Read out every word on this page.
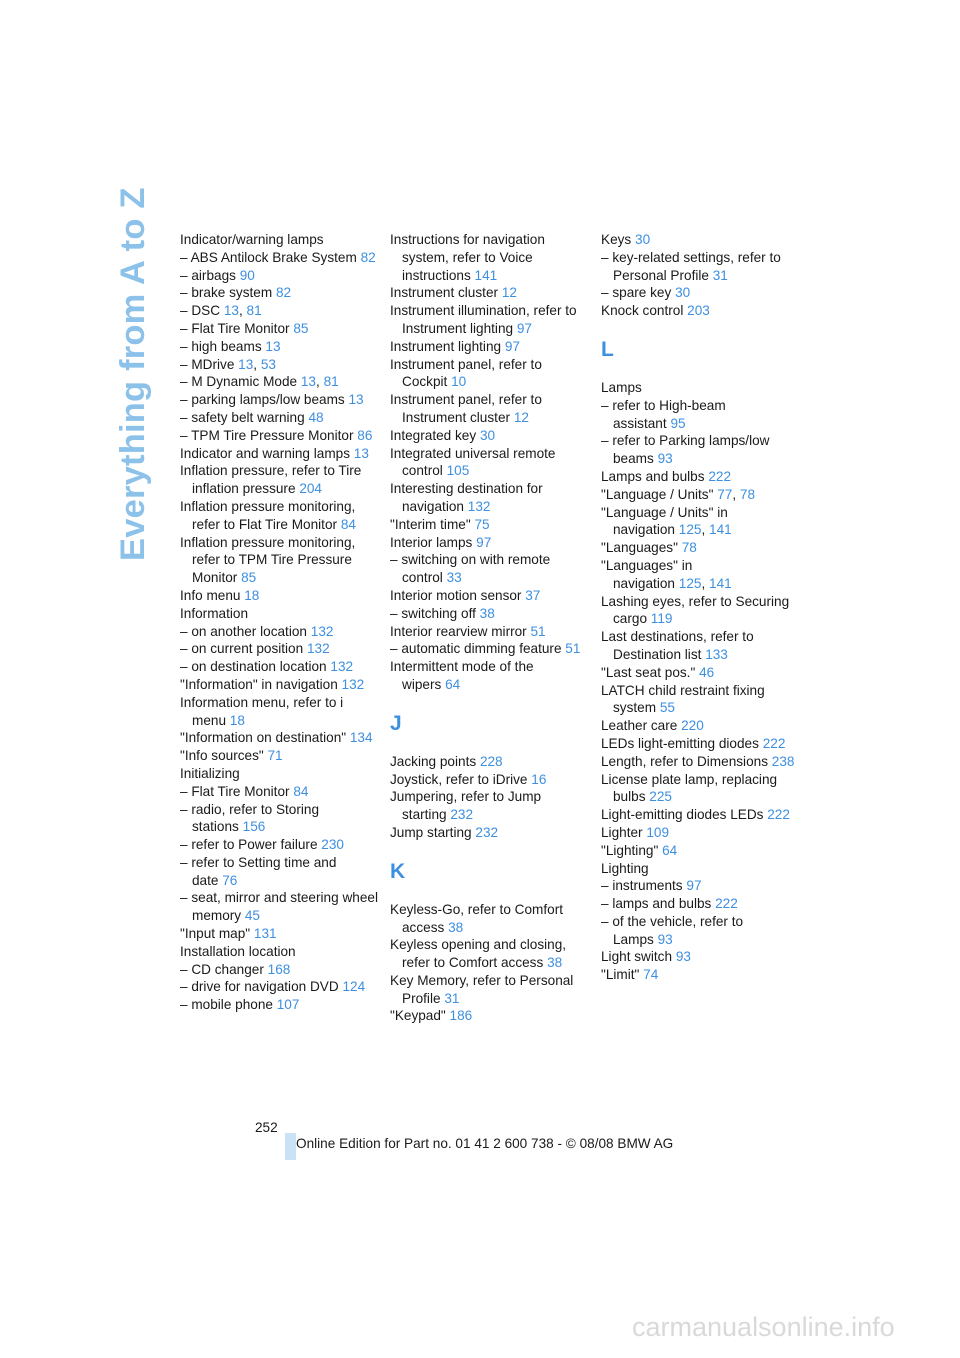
Everything from A to Z Indicator/warning lamps
– ABS Antilock Brake System 82
– airbags 90
– brake system 82
– DSC 13, 81
– Flat Tire Monitor 85
– high beams 13
– MDrive 13, 53
– M Dynamic Mode 13, 81
– parking lamps/low beams 13
– safety belt warning 48
– TPM Tire Pressure Monitor 86
Indicator and warning lamps 13
Inflation pressure, refer to Tire inflation pressure 204
Inflation pressure monitoring, refer to Flat Tire Monitor 84
Inflation pressure monitoring, refer to TPM Tire Pressure Monitor 85
Info menu 18
Information
– on another location 132
– on current position 132
– on destination location 132
"Information" in navigation 132
Information menu, refer to i menu 18
"Information on destination" 134
"Info sources" 71
Initializing
– Flat Tire Monitor 84
– radio, refer to Storing stations 156
– refer to Power failure 230
– refer to Setting time and date 76
– seat, mirror and steering wheel memory 45
"Input map" 131
Installation location
– CD changer 168
– drive for navigation DVD 124
– mobile phone 107
Instructions for navigation system, refer to Voice instructions 141
Instrument cluster 12
Instrument illumination, refer to Instrument lighting 97
Instrument lighting 97
Instrument panel, refer to Cockpit 10
Instrument panel, refer to Instrument cluster 12
Integrated key 30
Integrated universal remote control 105
Interesting destination for navigation 132
"Interim time" 75
Interior lamps 97
– switching on with remote control 33
Interior motion sensor 37
– switching off 38
Interior rearview mirror 51
– automatic dimming feature 51
Intermittent mode of the wipers 64
J
Jacking points 228
Joystick, refer to iDrive 16
Jumpering, refer to Jump starting 232
Jump starting 232
K
Keyless-Go, refer to Comfort access 38
Keyless opening and closing, refer to Comfort access 38
Key Memory, refer to Personal Profile 31
"Keypad" 186
Keys 30
– key-related settings, refer to Personal Profile 31
– spare key 30
Knock control 203
L
Lamps
– refer to High-beam assistant 95
– refer to Parking lamps/low beams 93
Lamps and bulbs 222
"Language / Units" 77, 78
"Language / Units" in navigation 125, 141
"Languages" 78
"Languages" in navigation 125, 141
Lashing eyes, refer to Securing cargo 119
Last destinations, refer to Destination list 133
"Last seat pos." 46
LATCH child restraint fixing system 55
Leather care 220
LEDs light-emitting diodes 222
Length, refer to Dimensions 238
License plate lamp, replacing bulbs 225
Light-emitting diodes LEDs 222
Lighter 109
"Lighting" 64
Lighting
– instruments 97
– lamps and bulbs 222
– of the vehicle, refer to Lamps 93
Light switch 93
"Limit" 74
252
Online Edition for Part no. 01 41 2 600 738 - © 08/08 BMW AG
carmanualsonline.info
